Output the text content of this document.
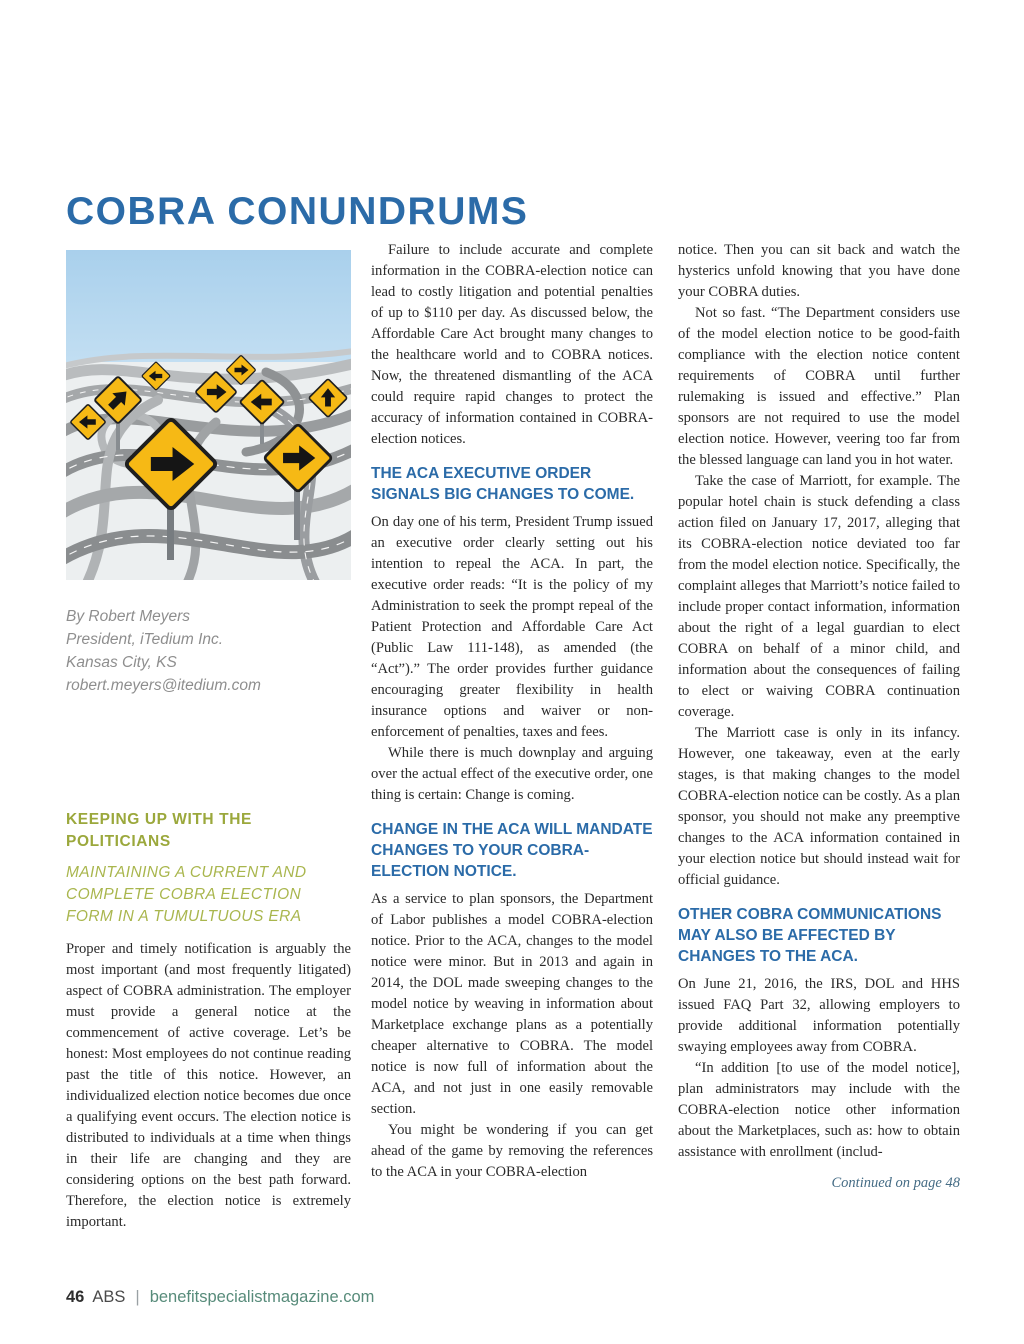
COBRA CONUNDRUMS
By Robert Meyers
President, iTedium Inc.
Kansas City, KS
robert.meyers@itedium.com
KEEPING UP WITH THE POLITICIANS
MAINTAINING A CURRENT AND COMPLETE COBRA ELECTION FORM IN A TUMULTUOUS ERA

Proper and timely notification is arguably the most important (and most frequently litigated) aspect of COBRA administration. The employer must provide a general notice at the commencement of active coverage. Let’s be honest: Most employees do not continue reading past the title of this notice. However, an individualized election notice becomes due once a qualifying event occurs. The election notice is distributed to individuals at a time when things in their life are changing and they are considering options on the best path forward. Therefore, the election notice is extremely important.

Failure to include accurate and complete information in the COBRA-election notice can lead to costly litigation and potential penalties of up to $110 per day. As discussed below, the Affordable Care Act brought many changes to the healthcare world and to COBRA notices. Now, the threatened dismantling of the ACA could require rapid changes to protect the accuracy of information contained in COBRA-election notices.

THE ACA EXECUTIVE ORDER SIGNALS BIG CHANGES TO COME.

On day one of his term, President Trump issued an executive order clearly setting out his intention to repeal the ACA. In part, the executive order reads: “It is the policy of my Administration to seek the prompt repeal of the Patient Protection and Affordable Care Act (Public Law 111-148), as amended (the “Act”).” The order provides further guidance encouraging greater flexibility in health insurance options and waiver or non-enforcement of penalties, taxes and fees.

While there is much downplay and arguing over the actual effect of the executive order, one thing is certain: Change is coming.

CHANGE IN THE ACA WILL MANDATE CHANGES TO YOUR COBRA-ELECTION NOTICE.

As a service to plan sponsors, the Department of Labor publishes a model COBRA-election notice. Prior to the ACA, changes to the model notice were minor. But in 2013 and again in 2014, the DOL made sweeping changes to the model notice by weaving in information about Marketplace exchange plans as a potentially cheaper alternative to COBRA. The model notice is now full of information about the ACA, and not just in one easily removable section.

You might be wondering if you can get ahead of the game by removing the references to the ACA in your COBRA-election

notice. Then you can sit back and watch the hysterics unfold knowing that you have done your COBRA duties.

Not so fast. “The Department considers use of the model election notice to be good-faith compliance with the election notice content requirements of COBRA until further rulemaking is issued and effective.” Plan sponsors are not required to use the model election notice. However, veering too far from the blessed language can land you in hot water.

Take the case of Marriott, for example. The popular hotel chain is stuck defending a class action filed on January 17, 2017, alleging that its COBRA-election notice deviated too far from the model election notice. Specifically, the complaint alleges that Marriott’s notice failed to include proper contact information, information about the right of a legal guardian to elect COBRA on behalf of a minor child, and information about the consequences of failing to elect or waiving COBRA continuation coverage.

The Marriott case is only in its infancy. However, one takeaway, even at the early stages, is that making changes to the model COBRA-election notice can be costly. As a plan sponsor, you should not make any preemptive changes to the ACA information contained in your election notice but should instead wait for official guidance.

OTHER COBRA COMMUNICATIONS MAY ALSO BE AFFECTED BY CHANGES TO THE ACA.

On June 21, 2016, the IRS, DOL and HHS issued FAQ Part 32, allowing employers to provide additional information potentially swaying employees away from COBRA.

“In addition [to use of the model notice], plan administrators may include with the COBRA-election notice other information about the Marketplaces, such as: how to obtain assistance with enrollment (includ-

Continued on page 48
46 ABS | benefitspecialistmagazine.com
